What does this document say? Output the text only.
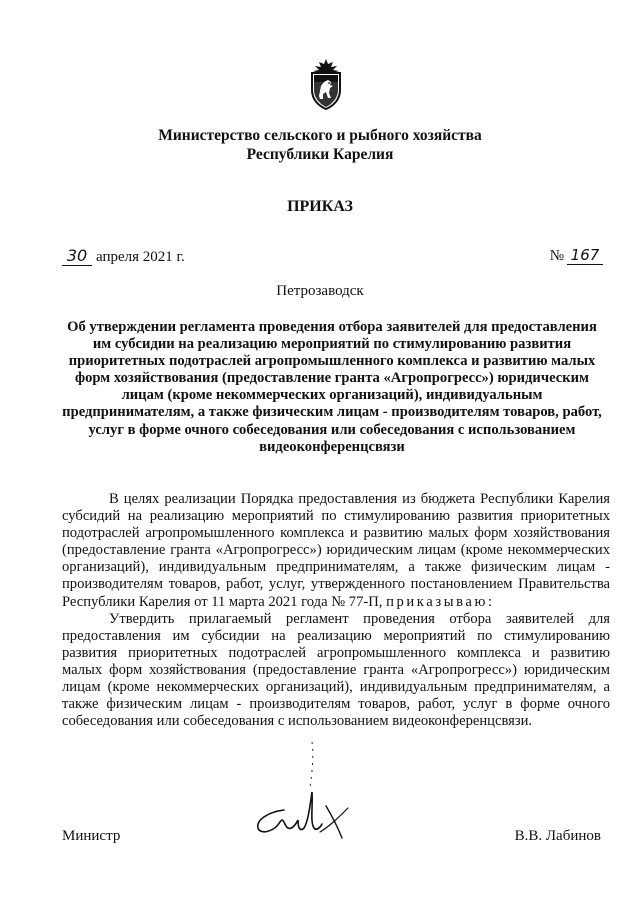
Министерство сельского и рыбного хозяйства
Республики Карелия
ПРИКАЗ
30 апреля 2021 г.	№ 167
Петрозаводск
Об утверждении регламента проведения отбора заявителей для предоставления им субсидии на реализацию мероприятий по стимулированию развития приоритетных подотраслей агропромышленного комплекса и развитию малых форм хозяйствования (предоставление гранта «Агропрогресс») юридическим лицам (кроме некоммерческих организаций), индивидуальным предпринимателям, а также физическим лицам - производителям товаров, работ, услуг в форме очного собеседования или собеседования с использованием видеоконференцсвязи

В целях реализации Порядка предоставления из бюджета Республики Карелия субсидий на реализацию мероприятий по стимулированию развития приоритетных подотраслей агропромышленного комплекса и развитию малых форм хозяйствования (предоставление гранта «Агропрогресс») юридическим лицам (кроме некоммерческих организаций), индивидуальным предпринимателям, а также физическим лицам - производителям товаров, работ, услуг, утвержденного постановлением Правительства Республики Карелия от 11 марта 2021 года № 77-П, приказываю:

Утвердить прилагаемый регламент проведения отбора заявителей для предоставления им субсидии на реализацию мероприятий по стимулированию развития приоритетных подотраслей агропромышленного комплекса и развитию малых форм хозяйствования (предоставление гранта «Агропрогресс») юридическим лицам (кроме некоммерческих организаций), индивидуальным предпринимателям, а также физическим лицам - производителям товаров, работ, услуг в форме очного собеседования или собеседования с использованием видеоконференцсвязи.

Министр	В.В. Лабинов
